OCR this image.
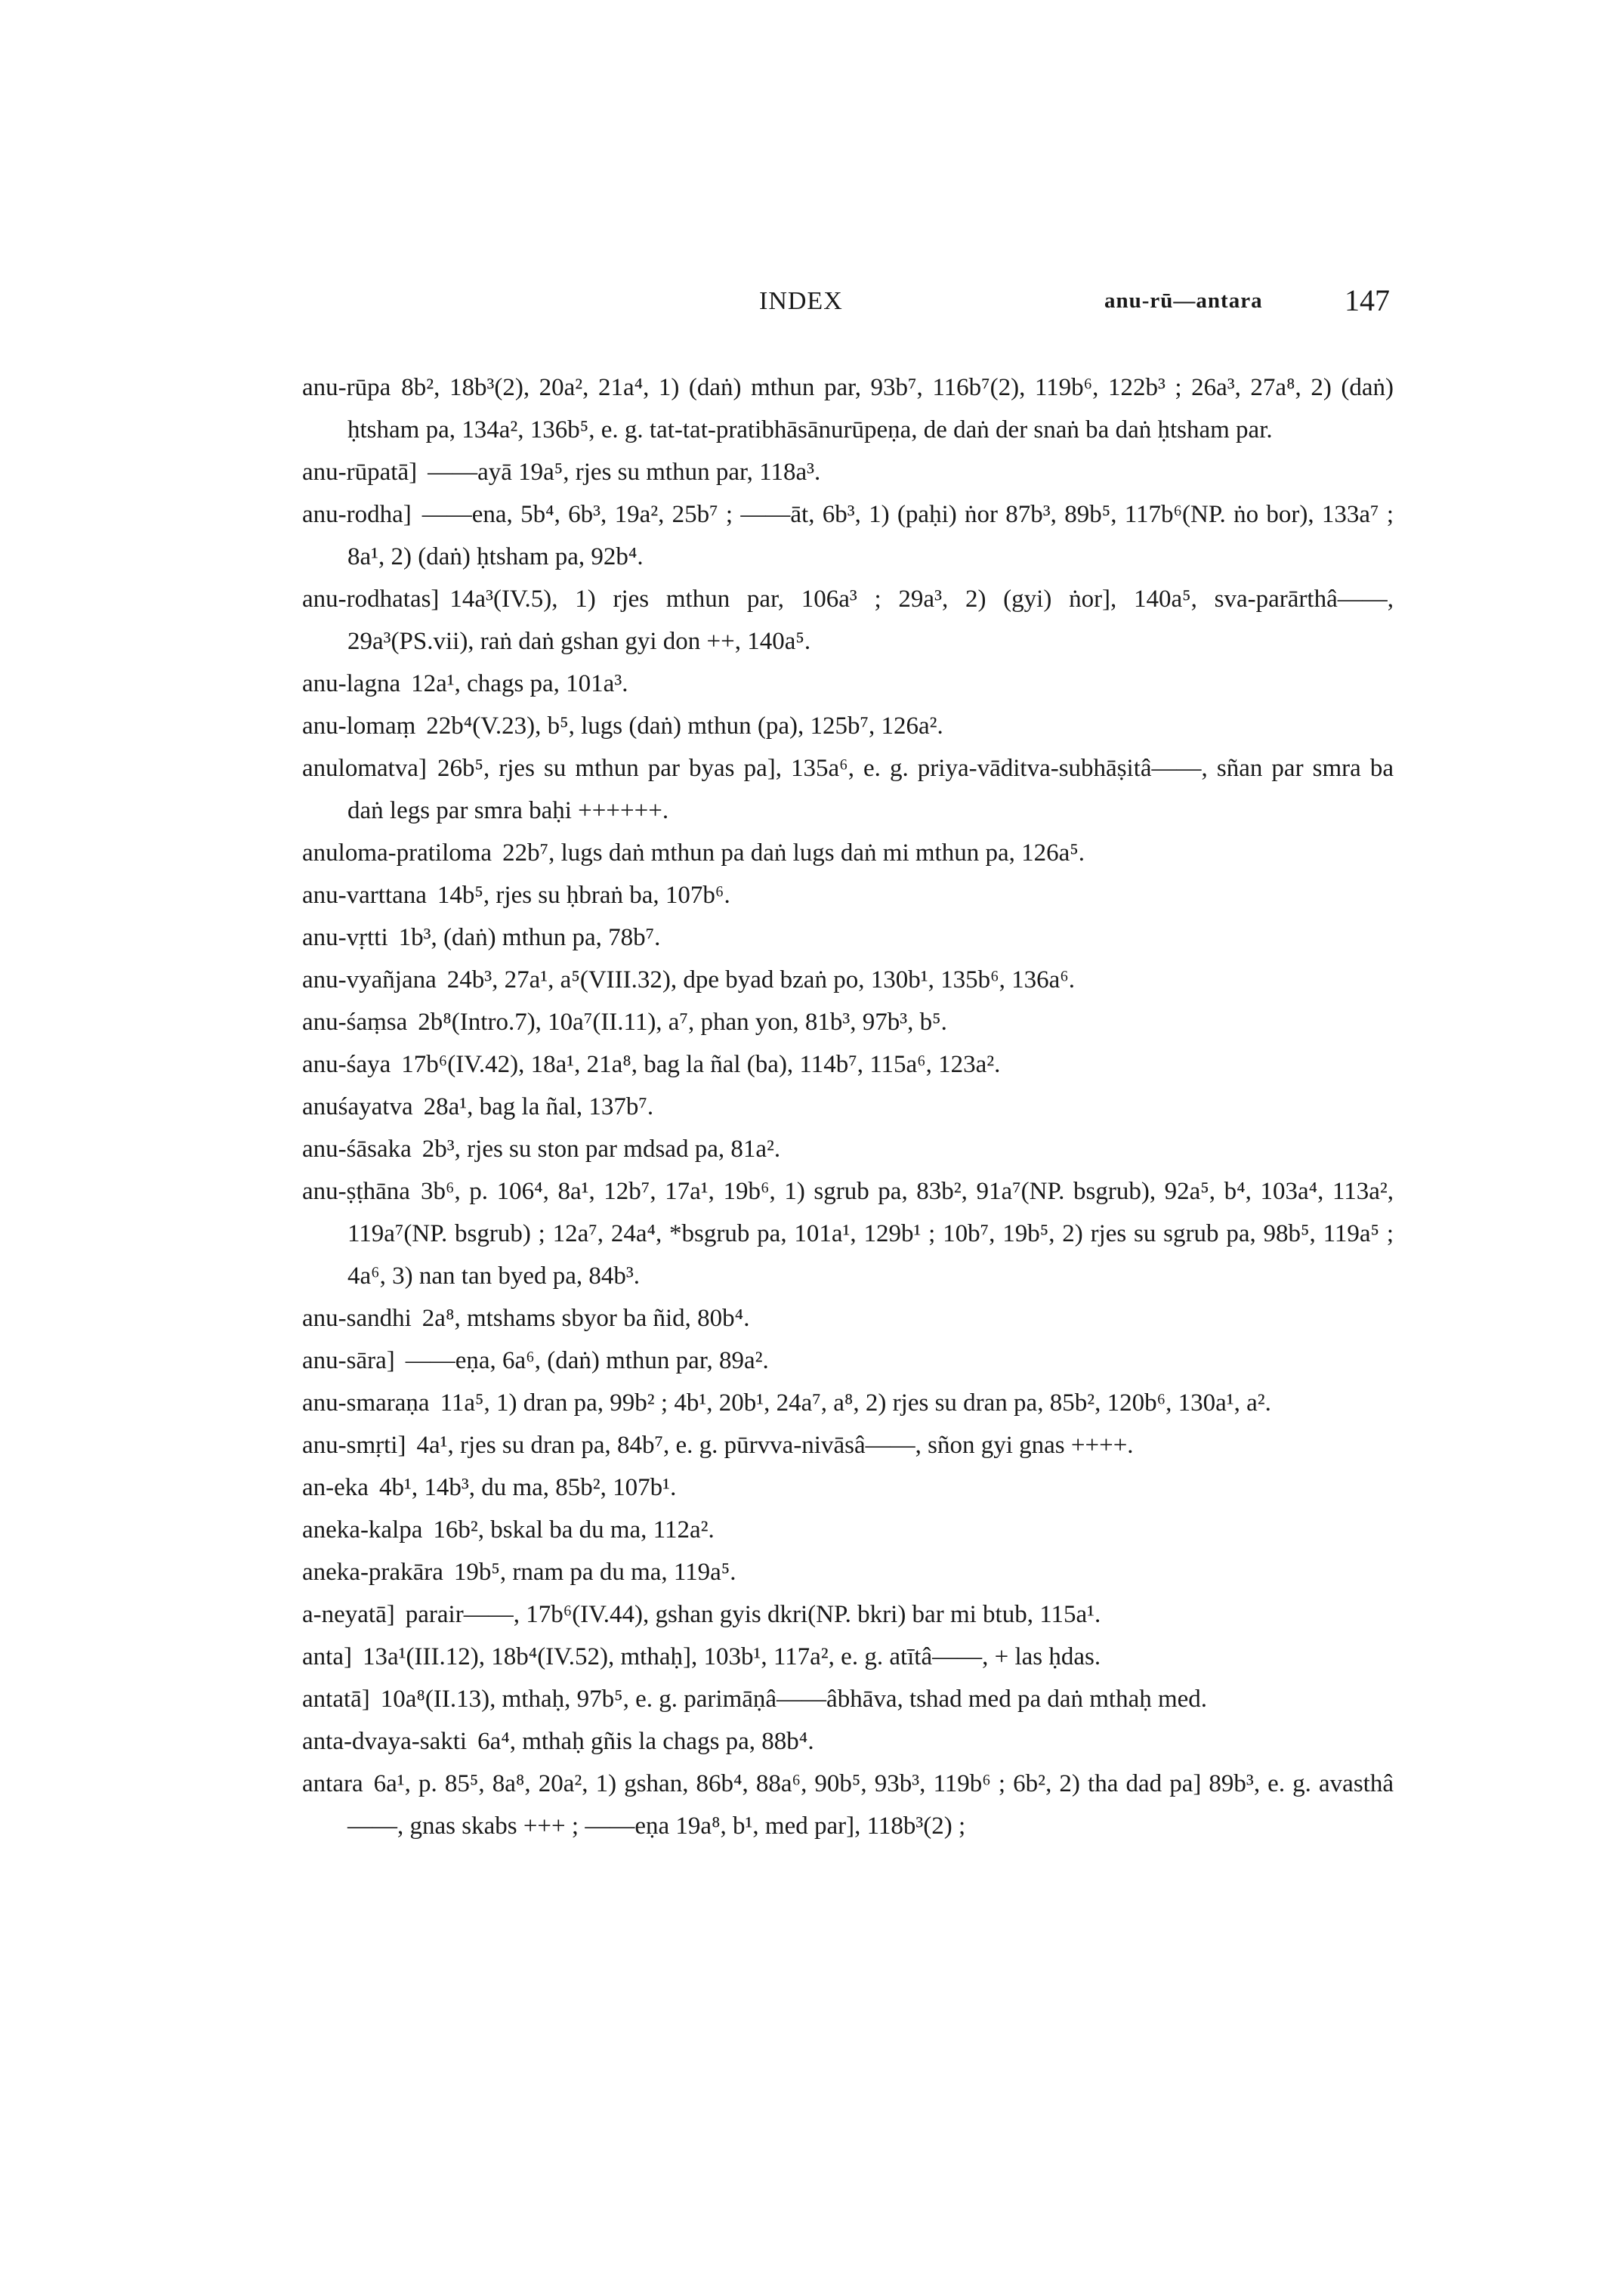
INDEX	anu-rū—antara	147
anu-rūpa 8b², 18b³(2), 20a², 21a⁴, 1) (daṅ) mthun par, 93b⁷, 116b⁷(2), 119b⁶, 122b³ ; 26a³, 27a⁸, 2) (daṅ) ḥtsham pa, 134a², 136b⁵, e. g. tat-tat-pratibhāsānurūpeṇa, de daṅ der snaṅ ba daṅ ḥtsham par.
anu-rūpatā] ——ayā 19a⁵, rjes su mthun par, 118a³.
anu-rodha] ——ena, 5b⁴, 6b³, 19a², 25b⁷ ; ——āt, 6b³, 1) (paḥi) ṅor 87b³, 89b⁵, 117b⁶(NP. ṅo bor), 133a⁷ ; 8a¹, 2) (daṅ) ḥtsham pa, 92b⁴.
anu-rodhatas] 14a³(IV.5), 1) rjes mthun par, 106a³ ; 29a³, 2) (gyi) ṅor], 140a⁵, sva-parārthâ——, 29a³(PS.vii), raṅ daṅ gshan gyi don ++, 140a⁵.
anu-lagna 12a¹, chags pa, 101a³.
anu-lomaṃ 22b⁴(V.23), b⁵, lugs (daṅ) mthun (pa), 125b⁷, 126a².
anulomatva] 26b⁵, rjes su mthun par byas pa], 135a⁶, e. g. priya-vāditva-subhāṣitâ——, sñan par smra ba daṅ legs par smra baḥi ++++++.
anuloma-pratiloma 22b⁷, lugs daṅ mthun pa daṅ lugs daṅ mi mthun pa, 126a⁵.
anu-varttana 14b⁵, rjes su ḥbraṅ ba, 107b⁶.
anu-vṛtti 1b³, (daṅ) mthun pa, 78b⁷.
anu-vyañjana 24b³, 27a¹, a⁵(VIII.32), dpe byad bzaṅ po, 130b¹, 135b⁶, 136a⁶.
anu-śaṃsa 2b⁸(Intro.7), 10a⁷(II.11), a⁷, phan yon, 81b³, 97b³, b⁵.
anu-śaya 17b⁶(IV.42), 18a¹, 21a⁸, bag la ñal (ba), 114b⁷, 115a⁶, 123a².
anuśayatva 28a¹, bag la ñal, 137b⁷.
anu-śāsaka 2b³, rjes su ston par mdsad pa, 81a².
anu-ṣṭhāna 3b⁶, p. 106⁴, 8a¹, 12b⁷, 17a¹, 19b⁶, 1) sgrub pa, 83b², 91a⁷(NP. bsgrub), 92a⁵, b⁴, 103a⁴, 113a², 119a⁷(NP. bsgrub) ; 12a⁷, 24a⁴, *bsgrub pa, 101a¹, 129b¹ ; 10b⁷, 19b⁵, 2) rjes su sgrub pa, 98b⁵, 119a⁵ ; 4a⁶, 3) nan tan byed pa, 84b³.
anu-sandhi 2a⁸, mtshams sbyor ba ñid, 80b⁴.
anu-sāra] ——eṇa, 6a⁶, (daṅ) mthun par, 89a².
anu-smaraṇa 11a⁵, 1) dran pa, 99b² ; 4b¹, 20b¹, 24a⁷, a⁸, 2) rjes su dran pa, 85b², 120b⁶, 130a¹, a².
anu-smṛti] 4a¹, rjes su dran pa, 84b⁷, e. g. pūrvva-nivāsâ——, sñon gyi gnas ++++.
an-eka 4b¹, 14b³, du ma, 85b², 107b¹.
aneka-kalpa 16b², bskal ba du ma, 112a².
aneka-prakāra 19b⁵, rnam pa du ma, 119a⁵.
a-neyatā] parair——, 17b⁶(IV.44), gshan gyis dkri(NP. bkri) bar mi btub, 115a¹.
anta] 13a¹(III.12), 18b⁴(IV.52), mthaḥ], 103b¹, 117a², e. g. atītâ——, + las ḥdas.
antatā] 10a⁸(II.13), mthaḥ, 97b⁵, e. g. parimāṇâ——âbhāva, tshad med pa daṅ mthaḥ med.
anta-dvaya-sakti 6a⁴, mthaḥ gñis la chags pa, 88b⁴.
antara 6a¹, p. 85⁵, 8a⁸, 20a², 1) gshan, 86b⁴, 88a⁶, 90b⁵, 93b³, 119b⁶ ; 6b², 2) tha dad pa] 89b³, e. g. avasthâ——, gnas skabs +++ ; ——eṇa 19a⁸, b¹, med par], 118b³(2) ;
